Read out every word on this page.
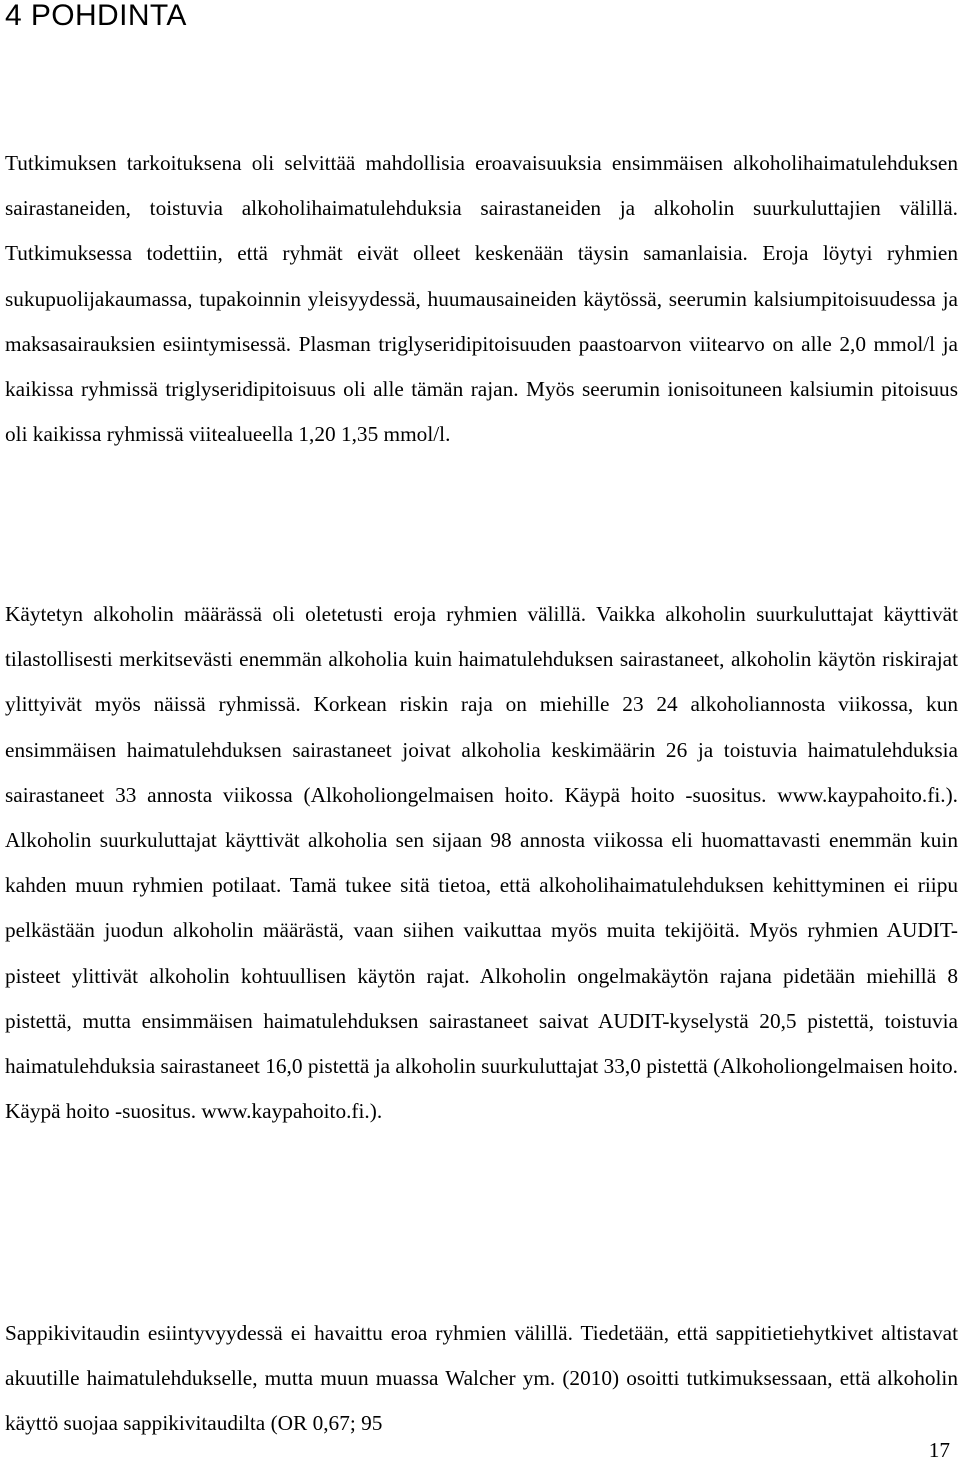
4 POHDINTA

Tutkimuksen tarkoituksena oli selvittää mahdollisia eroavaisuuksia ensimmäisen alkoholihaimatulehduksen sairastaneiden, toistuvia alkoholihaimatulehduksia sairastaneiden ja alkoholin suurkuluttajien välillä. Tutkimuksessa todettiin, että ryhmät eivät olleet keskenään täysin samanlaisia. Eroja löytyi ryhmien sukupuolijakaumassa, tupakoinnin yleisyydessä, huumausaineiden käytössä, seerumin kalsiumpitoisuudessa ja maksasairauksien esiintymisessä. Plasman triglyseridipitoisuuden paastoarvon viitearvo on alle 2,0 mmol/l ja kaikissa ryhmissä triglyseridipitoisuus oli alle tämän rajan. Myös seerumin ionisoituneen kalsiumin pitoisuus oli kaikissa ryhmissä viitealueella 1,20 1,35 mmol/l.

Käytetyn alkoholin määrässä oli oletetusti eroja ryhmien välillä. Vaikka alkoholin suurkuluttajat käyttivät tilastollisesti merkitsevästi enemmän alkoholia kuin haimatulehduksen sairastaneet, alkoholin käytön riskirajat ylittyivät myös näissä ryhmissä. Korkean riskin raja on miehille 23 24 alkoholiannosta viikossa, kun ensimmäisen haimatulehduksen sairastaneet joivat alkoholia keskimäärin 26 ja toistuvia haimatulehduksia sairastaneet 33 annosta viikossa (Alkoholiongelmaisen hoito. Käypä hoito -suositus. www.kaypahoito.fi.). Alkoholin suurkuluttajat käyttivät alkoholia sen sijaan 98 annosta viikossa eli huomattavasti enemmän kuin kahden muun ryhmien potilaat. Tamä tukee sitä tietoa, että alkoholihaimatulehduksen kehittyminen ei riipu pelkästään juodun alkoholin määrästä, vaan siihen vaikuttaa myös muita tekijöitä. Myös ryhmien AUDIT-pisteet ylittivät alkoholin kohtuullisen käytön rajat. Alkoholin ongelmakäytön rajana pidetään miehillä 8 pistettä, mutta ensimmäisen haimatulehduksen sairastaneet saivat AUDIT-kyselystä 20,5 pistettä, toistuvia haimatulehduksia sairastaneet 16,0 pistettä ja alkoholin suurkuluttajat 33,0 pistettä (Alkoholiongelmaisen hoito. Käypä hoito -suositus. www.kaypahoito.fi.).

Sappikivitaudin esiintyvyydessä ei havaittu eroa ryhmien välillä. Tiedetään, että sappitietiehytkivet altistavat akuutille haimatulehdukselle, mutta muun muassa Walcher ym. (2010) osoitti tutkimuksessaan, että alkoholin käyttö suojaa sappikivitaudilta (OR 0,67; 95

17
